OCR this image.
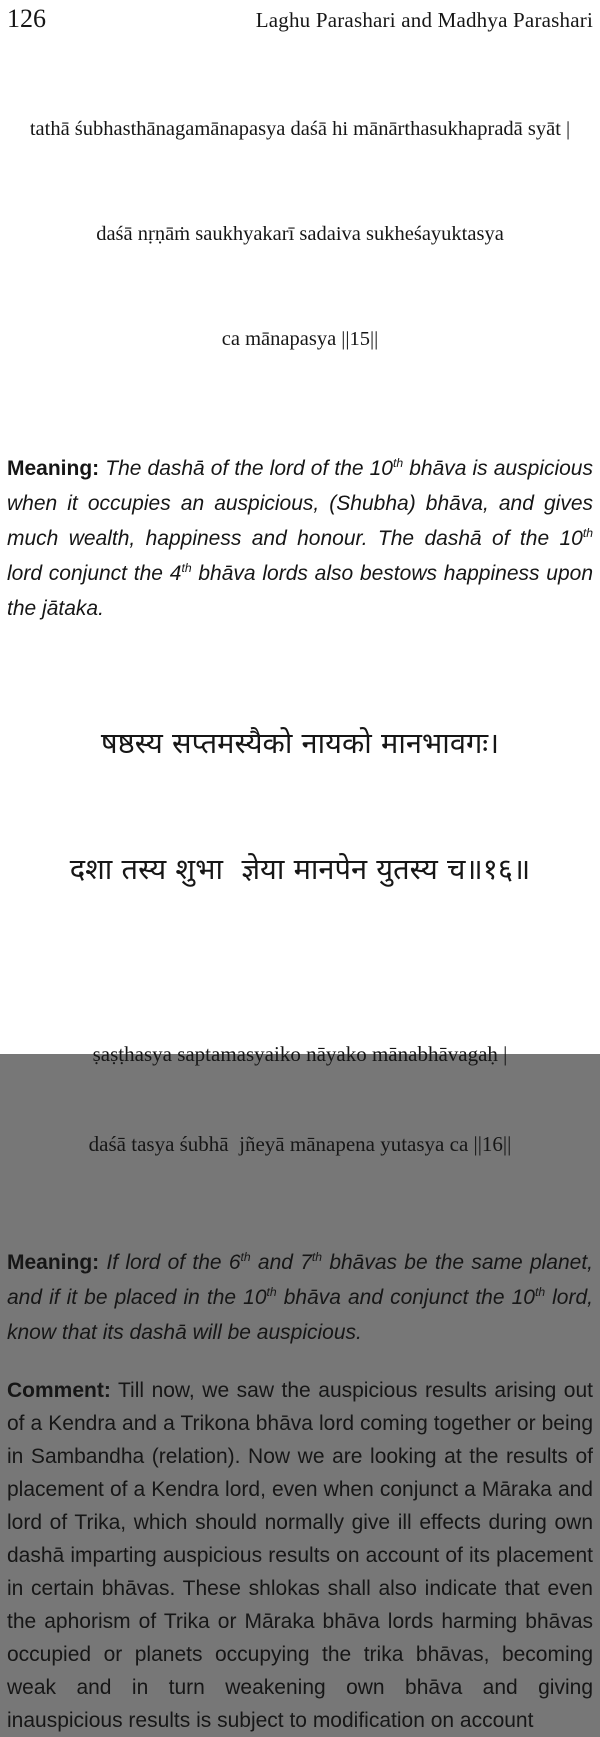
126	Laghu Parashari and Madhya Parashari

tathā śubhasthānagamānapasya daśā hi mānārthasukhapradā syāt |

daśā nṛṇāṁ saukhyakarī sadaiva sukheśayuktasya

ca mānapasya ||15||

Meaning: The dashā of the lord of the 10th bhāva is auspicious when it occupies an auspicious, (Shubha) bhāva, and gives much wealth, happiness and honour. The dashā of the 10th lord conjunct the 4th bhāva lords also bestows happiness upon the jātaka.

षष्ठस्य सप्तमस्यैको नायको मानभावगः।

दशा तस्य शुभा  ज्ञेया मानपेन युतस्य च॥१६॥

ṣaṣṭhasya saptamasyaiko nāyako mānabhāvagaḥ |

daśā tasya śubhā  jñeyā mānapena yutasya ca ||16||

Meaning: If lord of the 6th and 7th bhāvas be the same planet, and if it be placed in the 10th bhāva and conjunct the 10th lord, know that its dashā will be auspicious.

Comment: Till now, we saw the auspicious results arising out of a Kendra and a Trikona bhāva lord coming together or being in Sambandha (relation). Now we are looking at the results of placement of a Kendra lord, even when conjunct a Māraka and lord of Trika, which should normally give ill effects during own dashā imparting auspicious results on account of its placement in certain bhāvas. These shlokas shall also indicate that even the aphorism of Trika or Māraka bhāva lords harming bhāvas occupied or planets occupying the trika bhāvas, becoming weak and in turn weakening own bhāva and giving inauspicious results is subject to modification on account
